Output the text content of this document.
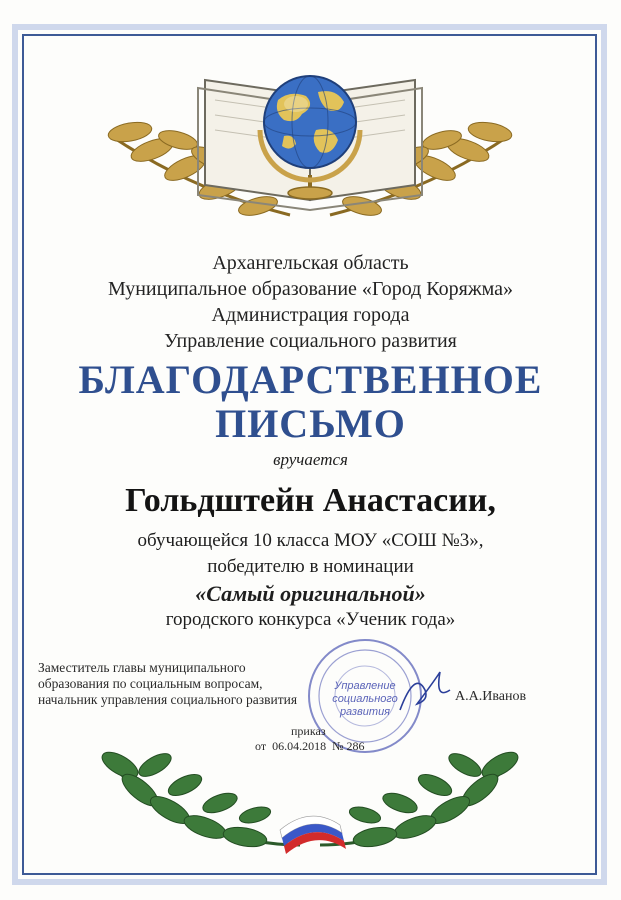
Архангельская область
Муниципальное образование «Город Коряжма»
Администрация города
Управление социального развития
БЛАГОДАРСТВЕННОЕ
ПИСЬМО
вручается
Гольдштейн Анастасии,
обучающейся 10 класса МОУ «СОШ №3»,
победителю в номинации
«Самый оригинальной»
городского конкурса «Ученик года»
Управление
социального
развития
Заместитель главы муниципального
образования по социальным вопросам,
начальник управления социального развития	А.А.Иванов
приказ
от 06.04.2018 № 286
